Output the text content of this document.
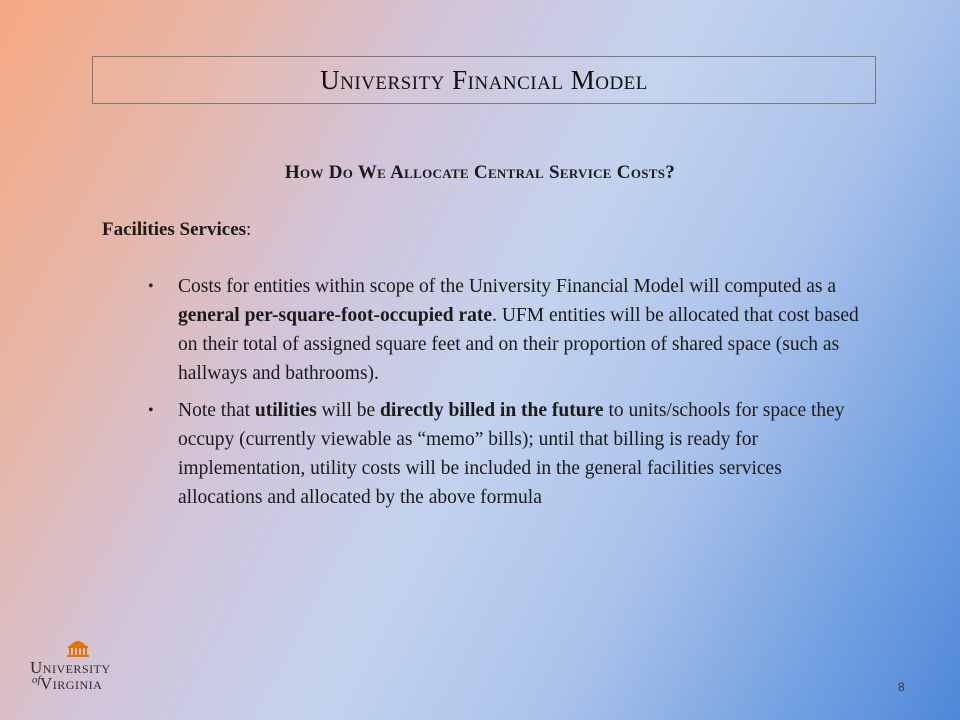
University Financial Model
How Do We Allocate Central Service Costs?
Facilities Services:
• Costs for entities within scope of the University Financial Model will computed as a general per-square-foot-occupied rate. UFM entities will be allocated that cost based on their total of assigned square feet and on their proportion of shared space (such as hallways and bathrooms).
• Note that utilities will be directly billed in the future to units/schools for space they occupy (currently viewable as “memo” bills); until that billing is ready for implementation, utility costs will be included in the general facilities services allocations and allocated by the above formula
University
of Virginia	8
